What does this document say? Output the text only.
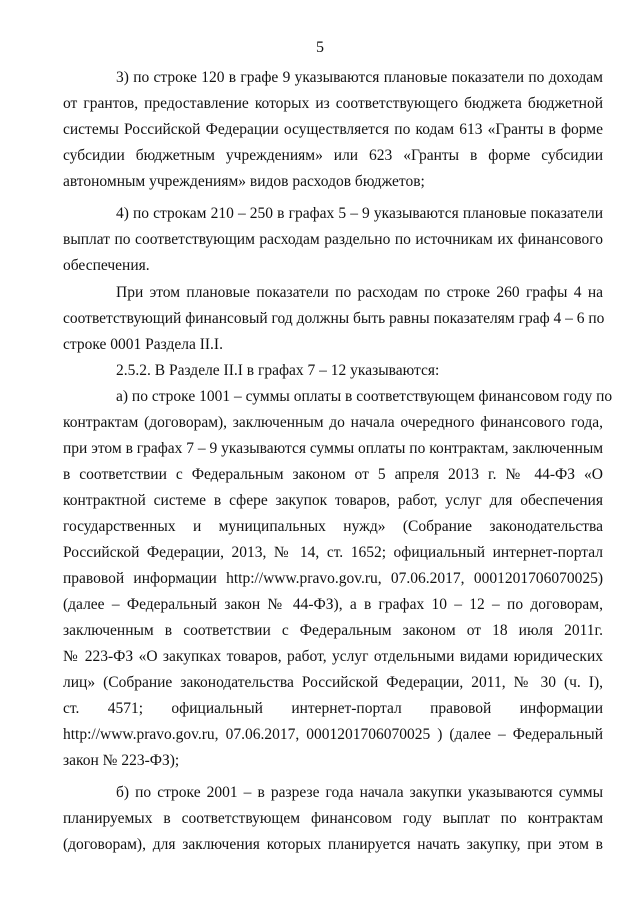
5
3) по строке 120 в графе 9 указываются плановые показатели по доходам
от грантов, предоставление которых из соответствующего бюджета бюджетной
системы Российской Федерации осуществляется по кодам 613 «Гранты в форме
субсидии бюджетным учреждениям» или 623 «Гранты в форме субсидии
автономным учреждениям» видов расходов бюджетов;
4) по строкам 210 – 250 в графах 5 – 9 указываются плановые показатели
выплат по соответствующим расходам раздельно по источникам их финансового
обеспечения.
При этом плановые показатели по расходам по строке 260 графы 4 на
соответствующий финансовый год должны быть равны показателям граф 4 – 6 по
строке 0001 Раздела II.I.
2.5.2. В Разделе II.I в графах 7 – 12 указываются:
а) по строке 1001 – суммы оплаты в соответствующем финансовом году по
контрактам (договорам), заключенным до начала очередного финансового года,
при этом в графах 7 – 9 указываются суммы оплаты по контрактам, заключенным
в соответствии с Федеральным законом от 5 апреля 2013 г. № 44-ФЗ «О
контрактной системе в сфере закупок товаров, работ, услуг для обеспечения
государственных и муниципальных нужд» (Собрание законодательства
Российской Федерации, 2013, № 14, ст. 1652; официальный интернет-портал
правовой информации http://www.pravo.gov.ru, 07.06.2017, 0001201706070025)
(далее – Федеральный закон № 44-ФЗ), а в графах 10 – 12 – по договорам,
заключенным в соответствии с Федеральным законом от 18 июля 2011г.
№ 223-ФЗ «О закупках товаров, работ, услуг отдельными видами юридических
лиц» (Собрание законодательства Российской Федерации, 2011, № 30 (ч. I),
ст. 4571; официальный интернет-портал правовой информации
http://www.pravo.gov.ru, 07.06.2017, 0001201706070025 ) (далее – Федеральный
закон № 223-ФЗ);
б) по строке 2001 – в разрезе года начала закупки указываются суммы
планируемых в соответствующем финансовом году выплат по контрактам
(договорам), для заключения которых планируется начать закупку, при этом в
